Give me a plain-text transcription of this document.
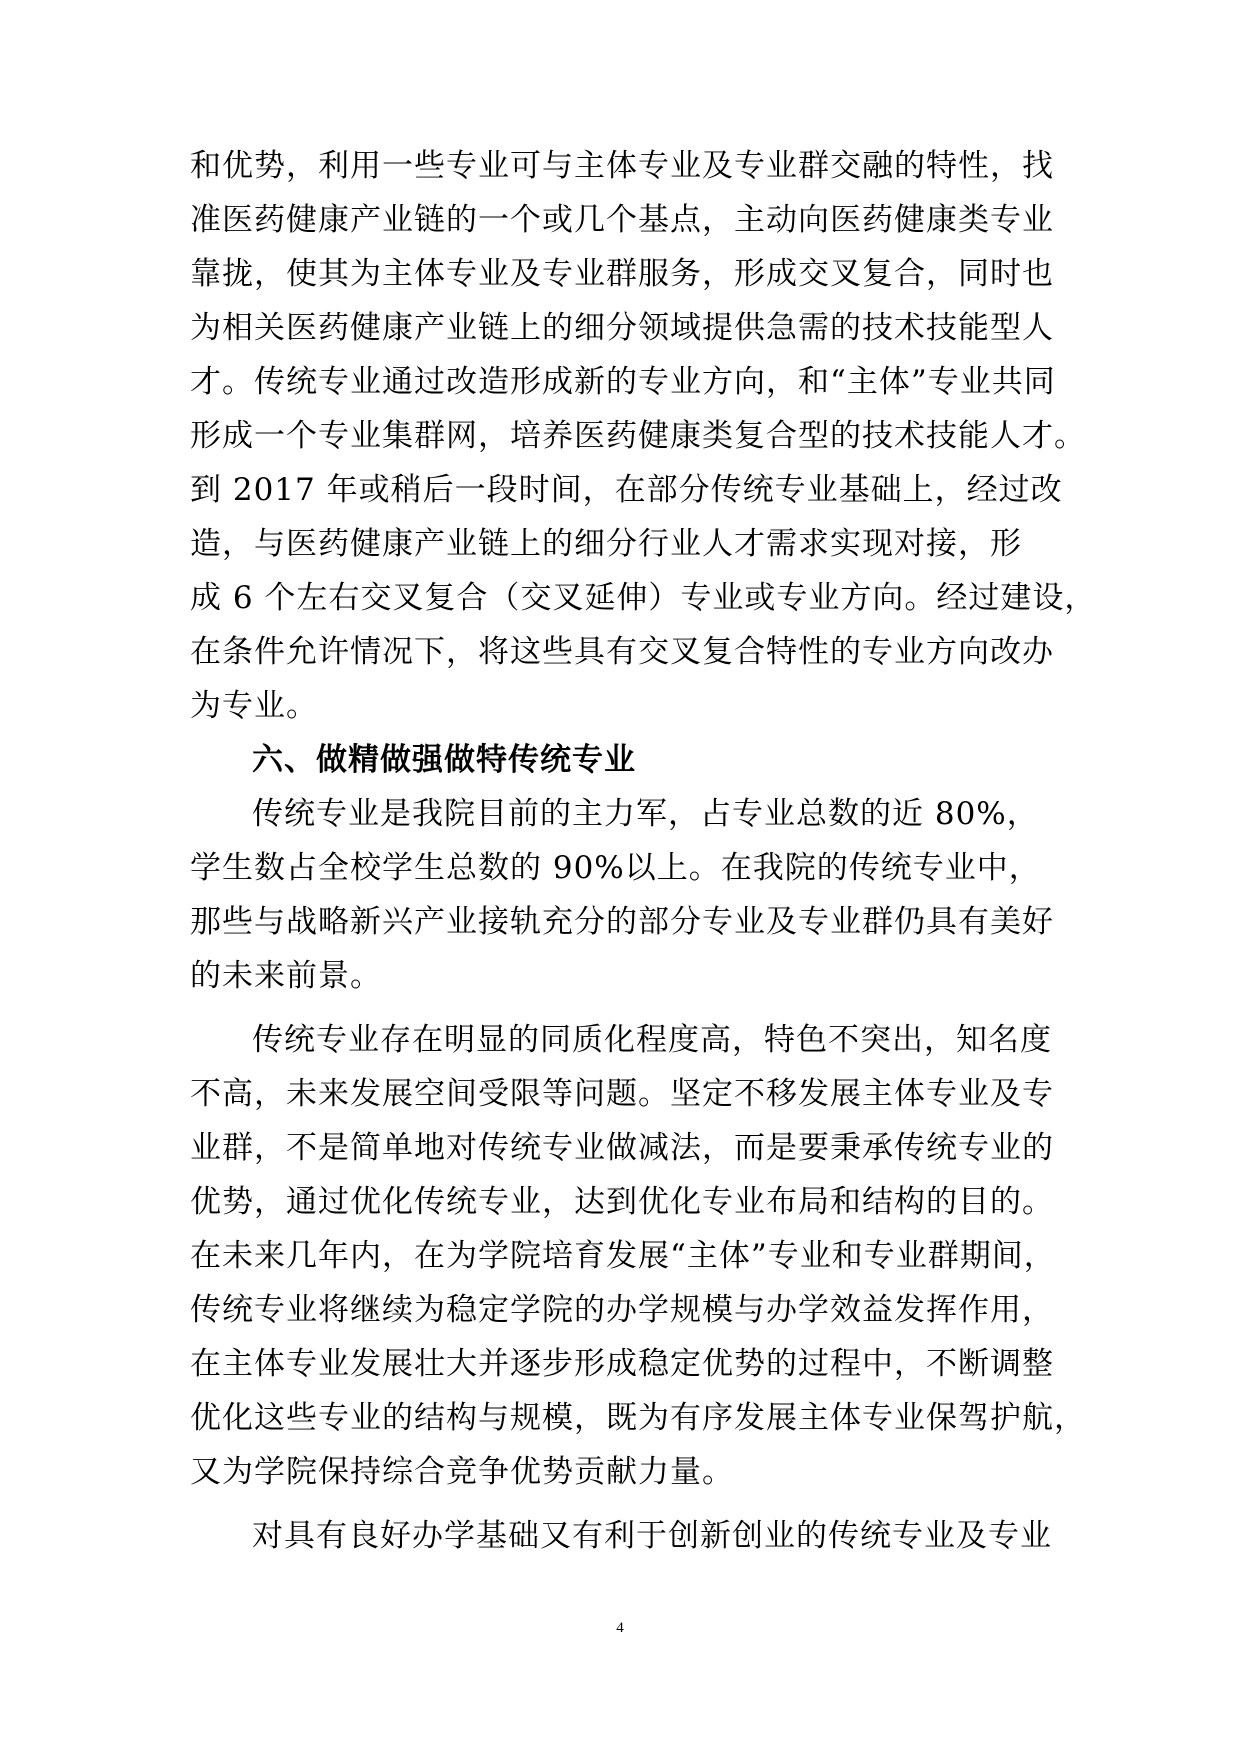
和优势，利用一些专业可与主体专业及专业群交融的特性，找
准医药健康产业链的一个或几个基点，主动向医药健康类专业
靠拢，使其为主体专业及专业群服务，形成交叉复合，同时也
为相关医药健康产业链上的细分领域提供急需的技术技能型人
才。传统专业通过改造形成新的专业方向，和“主体”专业共同
形成一个专业集群网，培养医药健康类复合型的技术技能人才。
到 2017 年或稍后一段时间，在部分传统专业基础上，经过改
造，与医药健康产业链上的细分行业人才需求实现对接，形
成 6 个左右交叉复合（交叉延伸）专业或专业方向。经过建设，
在条件允许情况下，将这些具有交叉复合特性的专业方向改办
为专业。
六、做精做强做特传统专业
传统专业是我院目前的主力军，占专业总数的近 80%，
学生数占全校学生总数的 90%以上。在我院的传统专业中，
那些与战略新兴产业接轨充分的部分专业及专业群仍具有美好
的未来前景。
传统专业存在明显的同质化程度高，特色不突出，知名度
不高，未来发展空间受限等问题。坚定不移发展主体专业及专
业群，不是简单地对传统专业做减法，而是要秉承传统专业的
优势，通过优化传统专业，达到优化专业布局和结构的目的。
在未来几年内，在为学院培育发展“主体”专业和专业群期间，
传统专业将继续为稳定学院的办学规模与办学效益发挥作用，
在主体专业发展壮大并逐步形成稳定优势的过程中，不断调整
优化这些专业的结构与规模，既为有序发展主体专业保驾护航，
又为学院保持综合竞争优势贡献力量。
对具有良好办学基础又有利于创新创业的传统专业及专业
4
